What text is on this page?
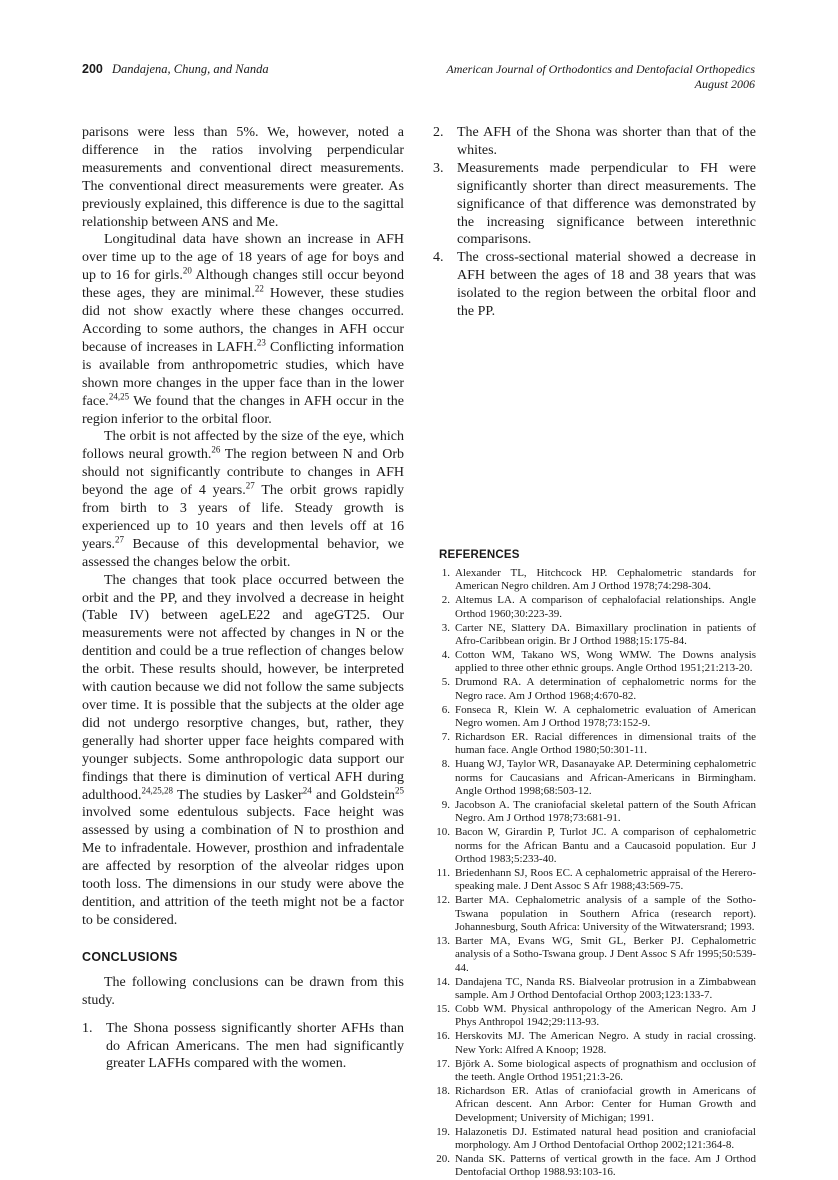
200 Dandajena, Chung, and Nanda	American Journal of Orthodontics and Dentofacial Orthopedics
August 2006

parisons were less than 5%. We, however, noted a difference in the ratios involving perpendicular measurements and conventional direct measurements. The conventional direct measurements were greater. As previously explained, this difference is due to the sagittal relationship between ANS and Me.

Longitudinal data have shown an increase in AFH over time up to the age of 18 years of age for boys and up to 16 for girls.$^{20}$ Although changes still occur beyond these ages, they are minimal.$^{22}$ However, these studies did not show exactly where these changes occurred. According to some authors, the changes in AFH occur because of increases in LAFH.$^{23}$ Conflicting information is available from anthropometric studies, which have shown more changes in the upper face than in the lower face.$^{24,25}$ We found that the changes in AFH occur in the region inferior to the orbital floor.

The orbit is not affected by the size of the eye, which follows neural growth.$^{26}$ The region between N and Orb should not significantly contribute to changes in AFH beyond the age of 4 years.$^{27}$ The orbit grows rapidly from birth to 3 years of life. Steady growth is experienced up to 10 years and then levels off at 16 years.$^{27}$ Because of this developmental behavior, we assessed the changes below the orbit.

The changes that took place occurred between the orbit and the PP, and they involved a decrease in height (Table IV) between ageLE22 and ageGT25. Our measurements were not affected by changes in N or the dentition and could be a true reflection of changes below the orbit. These results should, however, be interpreted with caution because we did not follow the same subjects over time. It is possible that the subjects at the older age did not undergo resorptive changes, but, rather, they generally had shorter upper face heights compared with younger subjects. Some anthropologic data support our findings that there is diminution of vertical AFH during adulthood.$^{24,25,28}$ The studies by Lasker$^{24}$ and Goldstein$^{25}$ involved some edentulous subjects. Face height was assessed by using a combination of N to prosthion and Me to infradentale. However, prosthion and infradentale are affected by resorption of the alveolar ridges upon tooth loss. The dimensions in our study were above the dentition, and attrition of the teeth might not be a factor to be considered.

CONCLUSIONS

The following conclusions can be drawn from this study.

1. The Shona possess significantly shorter AFHs than do African Americans. The men had significantly greater LAFHs compared with the women.
2. The AFH of the Shona was shorter than that of the whites.
3. Measurements made perpendicular to FH were significantly shorter than direct measurements. The significance of that difference was demonstrated by the increasing significance between interethnic comparisons.
4. The cross-sectional material showed a decrease in AFH between the ages of 18 and 38 years that was isolated to the region between the orbital floor and the PP.
REFERENCES
1. Alexander TL, Hitchcock HP. Cephalometric standards for American Negro children. Am J Orthod 1978;74:298-304.
2. Altemus LA. A comparison of cephalofacial relationships. Angle Orthod 1960;30:223-39.
3. Carter NE, Slattery DA. Bimaxillary proclination in patients of Afro-Caribbean origin. Br J Orthod 1988;15:175-84.
4. Cotton WM, Takano WS, Wong WMW. The Downs analysis applied to three other ethnic groups. Angle Orthod 1951;21:213-20.
5. Drumond RA. A determination of cephalometric norms for the Negro race. Am J Orthod 1968;4:670-82.
6. Fonseca R, Klein W. A cephalometric evaluation of American Negro women. Am J Orthod 1978;73:152-9.
7. Richardson ER. Racial differences in dimensional traits of the human face. Angle Orthod 1980;50:301-11.
8. Huang WJ, Taylor WR, Dasanayake AP. Determining cephalometric norms for Caucasians and African-Americans in Birmingham. Angle Orthod 1998;68:503-12.
9. Jacobson A. The craniofacial skeletal pattern of the South African Negro. Am J Orthod 1978;73:681-91.
10. Bacon W, Girardin P, Turlot JC. A comparison of cephalometric norms for the African Bantu and a Caucasoid population. Eur J Orthod 1983;5:233-40.
11. Briedenhann SJ, Roos EC. A cephalometric appraisal of the Herero-speaking male. J Dent Assoc S Afr 1988;43:569-75.
12. Barter MA. Cephalometric analysis of a sample of the Sotho-Tswana population in Southern Africa (research report). Johannesburg, South Africa: University of the Witwatersrand; 1993.
13. Barter MA, Evans WG, Smit GL, Berker PJ. Cephalometric analysis of a Sotho-Tswana group. J Dent Assoc S Afr 1995;50:539-44.
14. Dandajena TC, Nanda RS. Bialveolar protrusion in a Zimbabwean sample. Am J Orthod Dentofacial Orthop 2003;123:133-7.
15. Cobb WM. Physical anthropology of the American Negro. Am J Phys Anthropol 1942;29:113-93.
16. Herskovits MJ. The American Negro. A study in racial crossing. New York: Alfred A Knoop; 1928.
17. Björk A. Some biological aspects of prognathism and occlusion of the teeth. Angle Orthod 1951;21:3-26.
18. Richardson ER. Atlas of craniofacial growth in Americans of African descent. Ann Arbor: Center for Human Growth and Development; University of Michigan; 1991.
19. Halazonetis DJ. Estimated natural head position and craniofacial morphology. Am J Orthod Dentofacial Orthop 2002;121:364-8.
20. Nanda SK. Patterns of vertical growth in the face. Am J Orthod Dentofacial Orthop 1988.93:103-16.
